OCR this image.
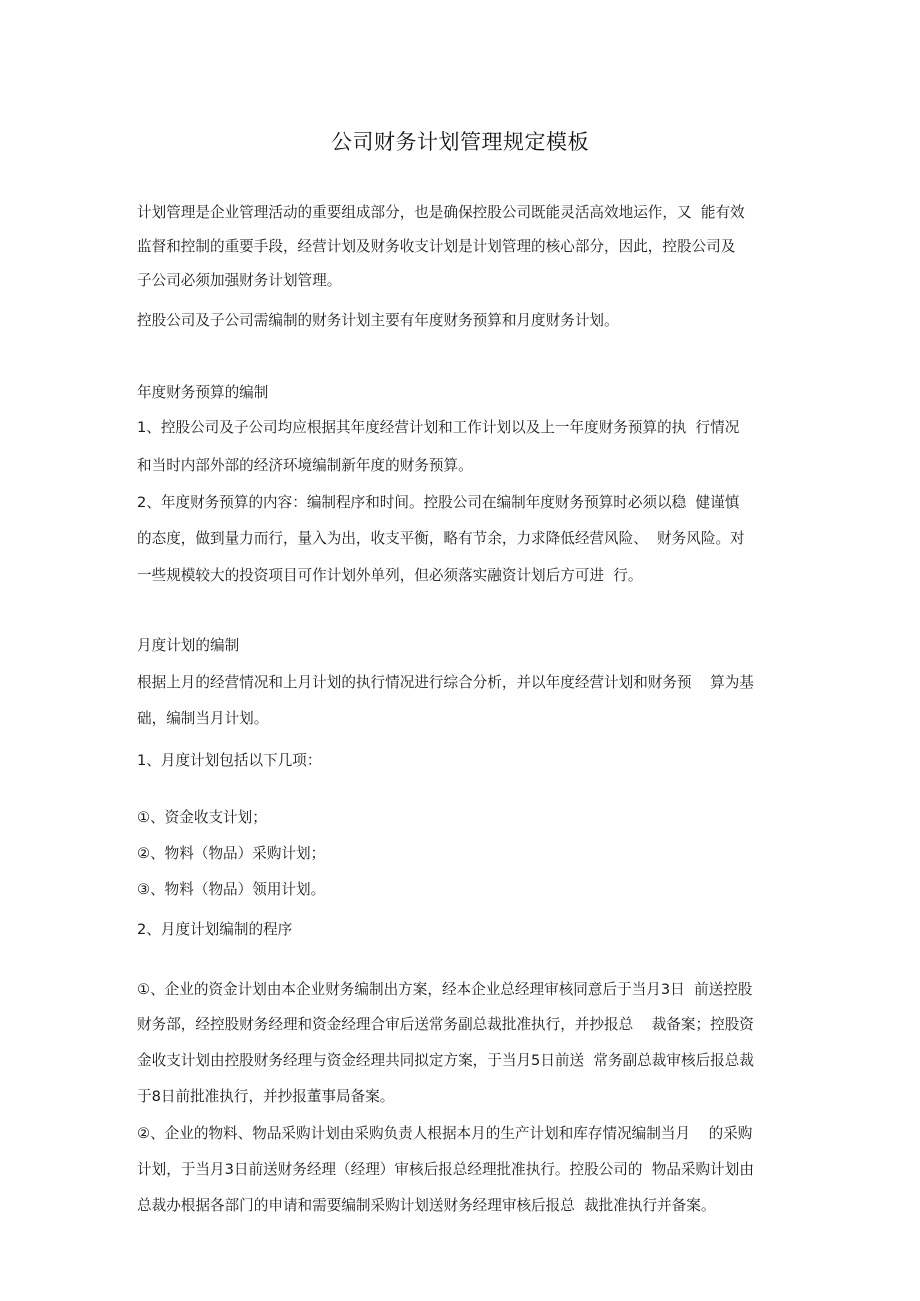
公司财务计划管理规定模板
计划管理是企业管理活动的重要组成部分，也是确保控股公司既能灵活高效地运作，又  能有效
监督和控制的重要手段，经营计划及财务收支计划是计划管理的核心部分，因此，控股公司及
子公司必须加强财务计划管理。
控股公司及子公司需编制的财务计划主要有年度财务预算和月度财务计划。
年度财务预算的编制
1、控股公司及子公司均应根据其年度经营计划和工作计划以及上一年度财务预算的执  行情况
和当时内部外部的经济环境编制新年度的财务预算。
2、年度财务预算的内容：编制程序和时间。控股公司在编制年度财务预算时必须以稳  健谨慎
的态度，做到量力而行，量入为出，收支平衡，略有节余，力求降低经营风险、  财务风险。对
一些规模较大的投资项目可作计划外单列，但必须落实融资计划后方可进  行。
月度计划的编制
根据上月的经营情况和上月计划的执行情况进行综合分析，并以年度经营计划和财务预    算为基
础，编制当月计划。
1、月度计划包括以下几项：
①、资金收支计划；
②、物料（物品）采购计划；
③、物料（物品）领用计划。
2、月度计划编制的程序
①、企业的资金计划由本企业财务编制出方案，经本企业总经理审核同意后于当月3日  前送控股
财务部，经控股财务经理和资金经理合审后送常务副总裁批准执行，并抄报总    裁备案；控股资
金收支计划由控股财务经理与资金经理共同拟定方案，于当月5日前送  常务副总裁审核后报总裁
于8日前批准执行，并抄报董事局备案。
②、企业的物料、物品采购计划由采购负责人根据本月的生产计划和库存情况编制当月    的采购
计划，于当月3日前送财务经理（经理）审核后报总经理批准执行。控股公司的  物品采购计划由
总裁办根据各部门的申请和需要编制采购计划送财务经理审核后报总  裁批准执行并备案。
